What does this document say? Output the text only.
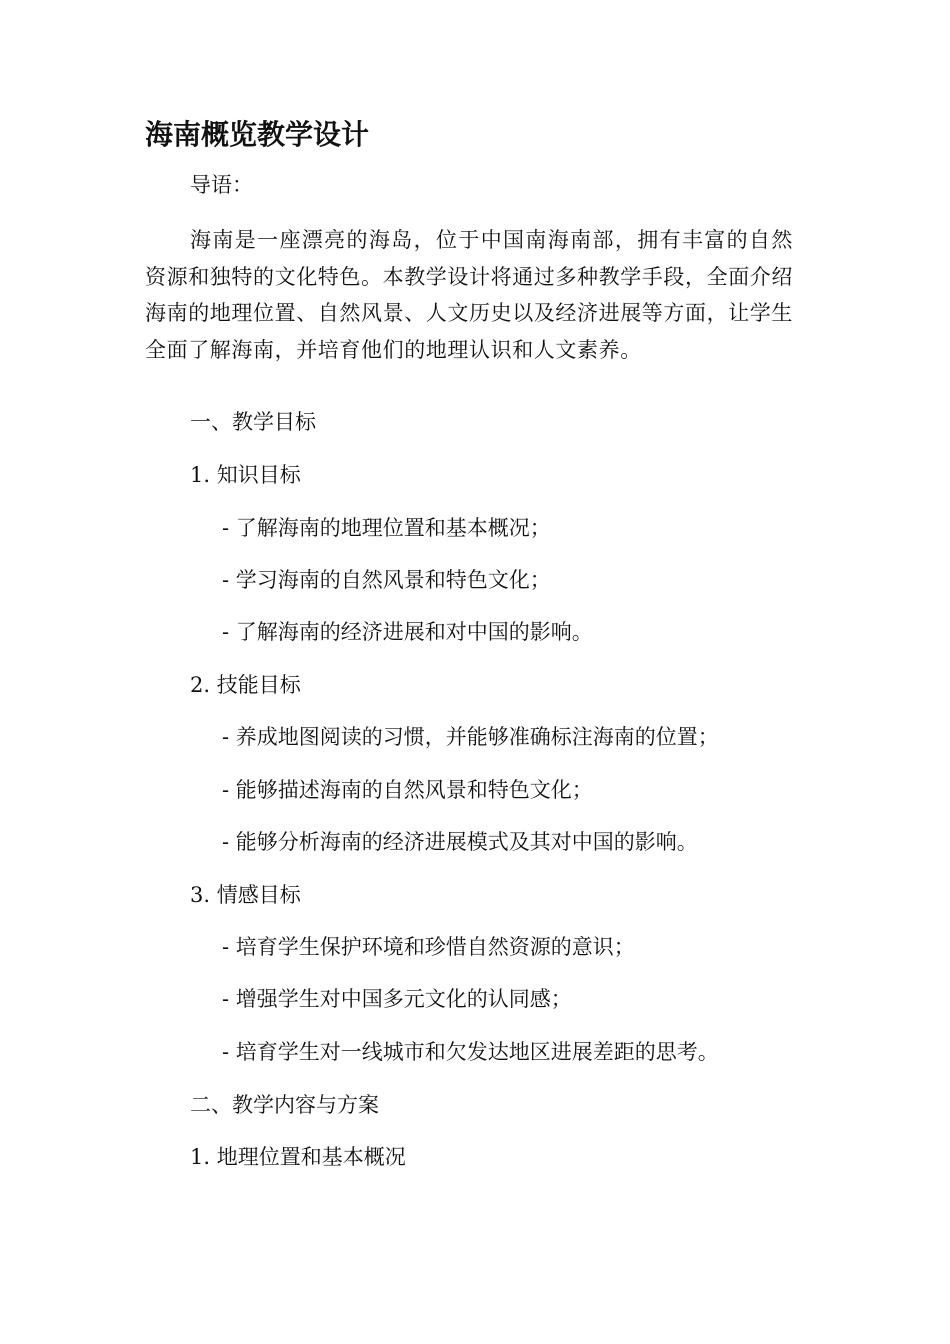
海南概览教学设计
导语：
海南是一座漂亮的海岛，位于中国南海南部，拥有丰富的自然资源和独特的文化特色。本教学设计将通过多种教学手段，全面介绍海南的地理位置、自然风景、人文历史以及经济进展等方面，让学生全面了解海南，并培育他们的地理认识和人文素养。
一、教学目标
1. 知识目标
- 了解海南的地理位置和基本概况；
- 学习海南的自然风景和特色文化；
- 了解海南的经济进展和对中国的影响。
2. 技能目标
- 养成地图阅读的习惯，并能够准确标注海南的位置；
- 能够描述海南的自然风景和特色文化；
- 能够分析海南的经济进展模式及其对中国的影响。
3. 情感目标
- 培育学生保护环境和珍惜自然资源的意识；
- 增强学生对中国多元文化的认同感；
- 培育学生对一线城市和欠发达地区进展差距的思考。
二、教学内容与方案
1. 地理位置和基本概况
